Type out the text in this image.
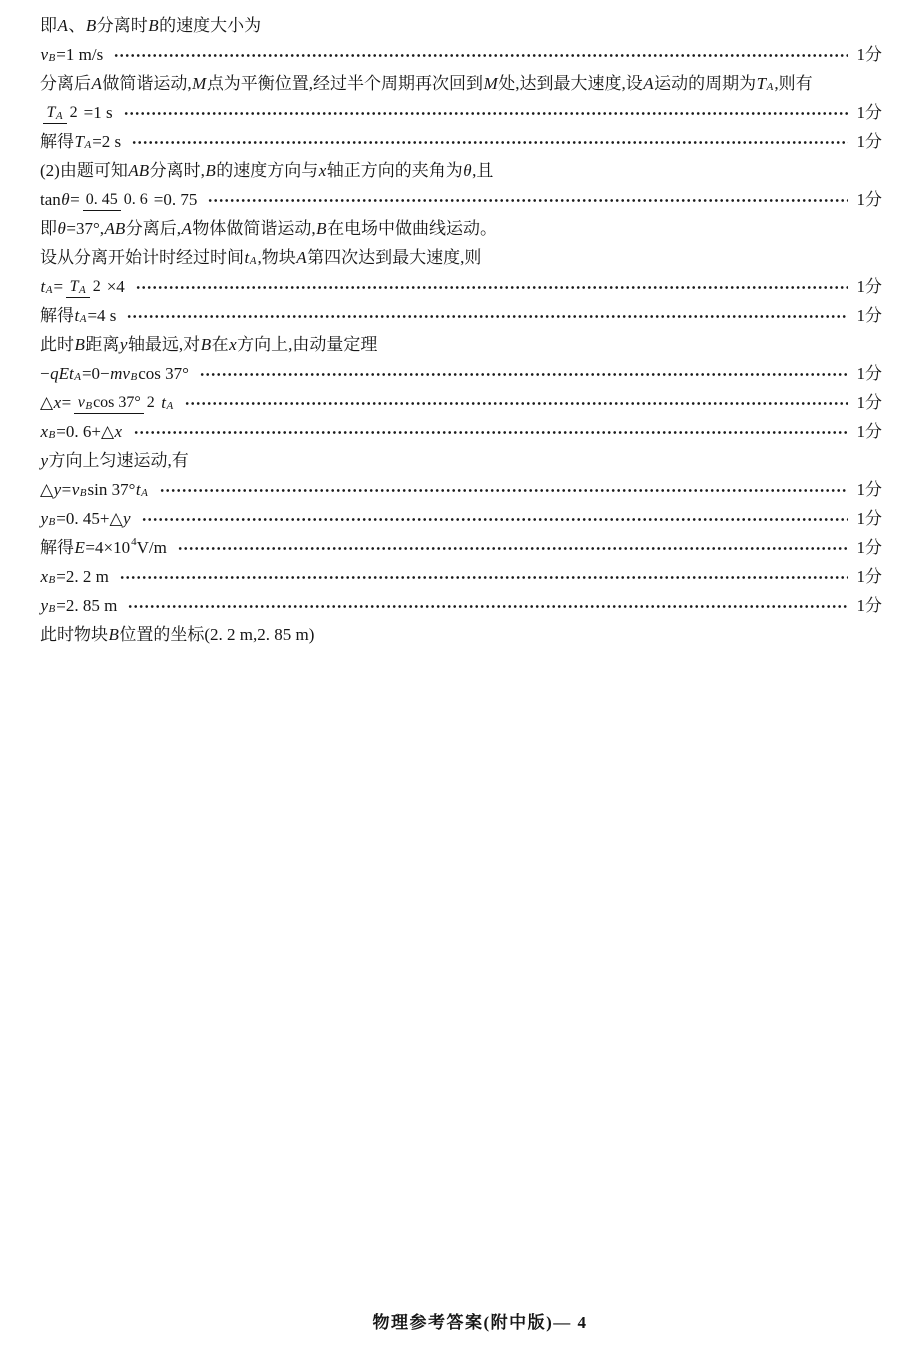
即 A 、 B 分离时 B 的速度大小为
v B =1 m/s	1分
分离后 A 做简谐运动, M 点为平衡位置,经过半个周期再次回到 M 处,达到最大速度,设 A 运动的周期为 T A ,则有
T A 2 =1 s	1分
解得 T A =2 s	1分
(2)由题可知 AB 分离时, B 的速度方向与 x 轴正方向的夹角为 θ ,且
tan θ = 0. 45 0. 6 =0. 75	1分
即 θ =37°, AB 分离后, A 物体做简谐运动, B 在电场中做曲线运动。
设从分离开始计时经过时间 t A ,物块 A 第四次达到最大速度,则
t A = T A 2 ×4	1分
解得 t A =4 s	1分
此时 B 距离 y 轴最远,对 B 在 x 方向上,由动量定理
− qEt A =0− mv B cos 37°	1分
△ x = v B cos 37° 2 t A	1分
x B =0. 6+△ x	1分
y 方向上匀速运动,有
△ y = v B sin 37° t A	1分
y B =0. 45+△ y	1分
解得 E =4×10 4 V/m	1分
x B =2. 2 m	1分
y B =2. 85 m	1分
此时物块 B 位置的坐标(2. 2 m,2. 85 m)
物理参考答案(附中版)— 4
